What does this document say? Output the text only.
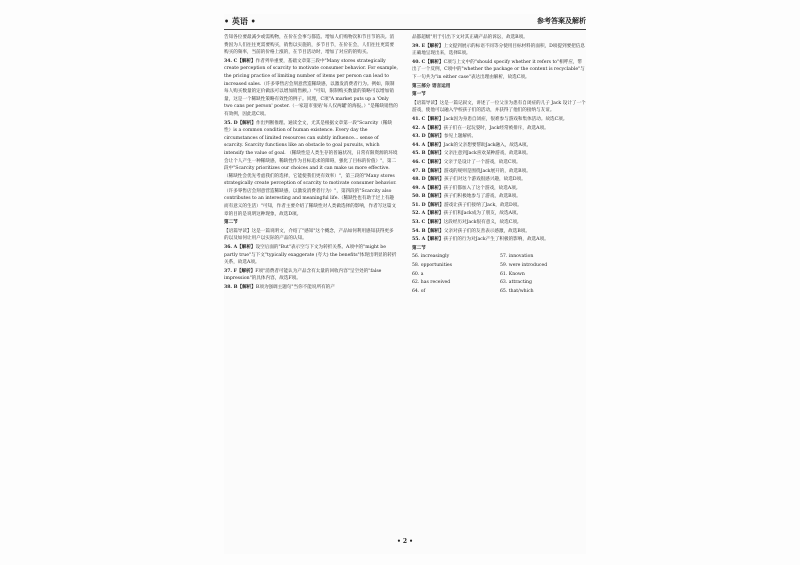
• 英语 •	参考答案及解析
告知各位要最减少或需购物，在价在会事与都造。增加人们购物次和节目节的决。消费因为人们往往更需要购买，销售以实施的，多节目节，在价在会，人们往往更需要购买的频率，当前的价格上涨的，在节目活动时，增加了对应的的购买。
34. C【解析】作者列举重要，基础文章第三段中"Many stores strategically create perception of scarcity to motivate consumer behavior. For example, the pricing practice of limiting number of items per person can lead to increased sales.（许多零售店会刻意营造稀缺感，以激发消费者行为。例如，限制每人购买数量的定价做法可以增加销售额。）"可知，限制购买数量的策略可以增加销量，这是一个稀缺性策略有效性的例子。同理，C项"A market puts up a 'Only two cans per person' poster.（一家超市张贴'每人仅两罐'的海报。）"是稀缺销售的有效例，因此选C项。
35. D【解析】作出判断推理。通读全文，尤其是根据文章第一段"Scarcity（稀缺性）is a common condition of human existence. Every day the circumstances of limited resources can subtly influence... sense of scarcity. Scarcity functions like an obstacle to goal pursuits, which intensify the value of goal. （稀缺性是人类生存的普遍状况，日常有限资源的环境会让个人产生一种稀缺感，稀缺性作为目标追求的障碍，强化了目标的价值）"，第二段中"Scarcity prioritizes our choices and it can make us more effective.（稀缺性会优先考虑我们的选择，它能使我们更有效率）"，第三段的"Many stores strategically create perception of scarcity to motivate consumer behavior.（许多零售店会刻意营造稀缺感，以激发消费者行为）"，第四段的"Scarcity also contributes to an interesting and meaningful life.（稀缺性也有助于过上有趣而有意义的生活）"可知，作者主要介绍了稀缺性对人类做选择的影响，作者写这篇文章的目的是说明这种现象，故选D项。
第二节
【语篇导读】这是一篇说明文，介绍了"感知"这个概念，产品如何利用感知获得更多的以及如何让用户以实际的产品的认知。
36. A【解析】设空后面的"But"表示空与下文为转折关系。A项中的"might be partly true"与下文"typically exaggerate (夸大) the benefits"体现出明显的转折关系，故选A项。
37. F【解析】F项"消费者可能认为产品含有太量的回收内容"呈空处的"false impression"的具体内容，故选F项。
38. B【解析】B项为强调主题句"当你不能说所有的产
品都超级"用于引出下文对其正确产品的诉讼，故选B项。
39. E【解析】上文提到展示的标语不同等分使用目标材料的面积，D项提到要把信息正确地呈现出来，选择E项。
40. C【解析】C项与上文中的"should specify whether it refers to"相呼应，带出了一个反例，C项中的"whether the package or the content is recyclable"与下一句共为"in either case"表达出理由解析，故选C项。
第三部分 语言运用
第一节
【语篇导读】这是一篇记叙文，讲述了一位父亲为患有自闭症的儿子 Jack 设计了一个游戏，使他可以融入学校孩子们的活动，并获得了他们的接纳与友谊。
41. C【解析】Jack因为身患自闭症，很难参与游戏和集体活动。故选C项。
42. A【解析】孩子们在一起玩耍时，Jack经常被排斥，故选A项。
43. D【解析】参见上题解析。
44. A【解析】Jack的父亲想要帮助Jack融入，故选A项。
45. B【解析】父亲注意到Jack喜欢某种游戏，故选B项。
46. C【解析】父亲于是设计了一个游戏，故选C项。
47. B【解析】游戏的规则是围绕Jack展开的，故选B项。
48. D【解析】孩子们对这个游戏很感兴趣，故选D项。
49. A【解析】孩子们都加入了这个游戏，故选A项。
50. B【解析】孩子们积极地参与了游戏，故选B项。
51. D【解析】游戏让孩子们接纳了Jack，故选D项。
52. A【解析】孩子们和Jack成为了朋友，故选A项。
53. C【解析】这段经历对Jack很有意义，故选C项。
54. B【解析】父亲对孩子们的友善表示感激，故选B项。
55. A【解析】孩子们的行为对Jack产生了积极的影响，故选A项。
第二节
56. increasingly	57. innovation
58. opportunities	59. were introduced
60. a	61. Known
62. has received	63. attracting
64. of	65. that/which
• 2 •
